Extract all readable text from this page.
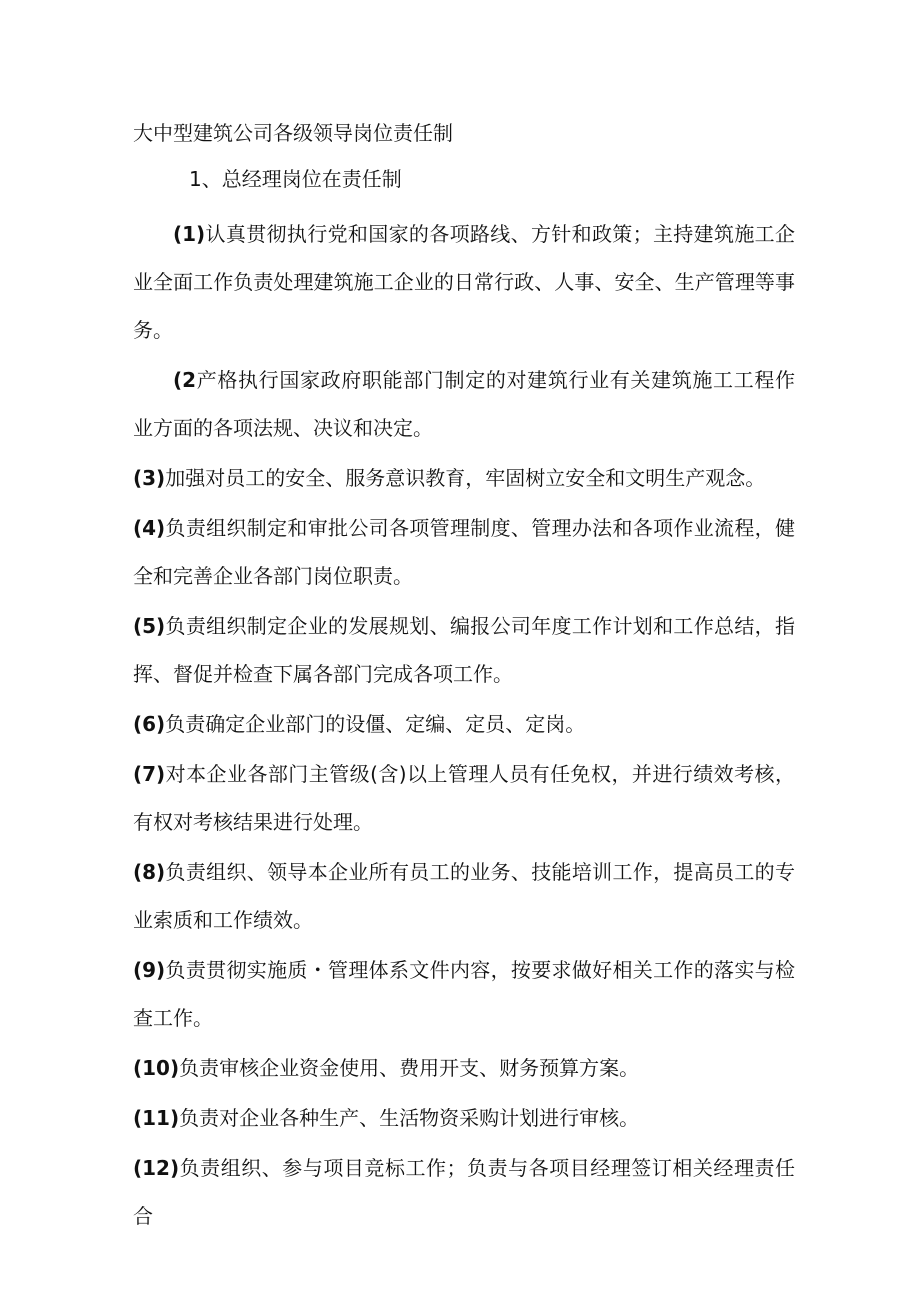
大中型建筑公司各级领导岗位责任制
1、总经理岗位在责任制
(1)认真贯彻执行党和国家的各项路线、方针和政策；主持建筑施工企业全面工作负责处理建筑施工企业的日常行政、人事、安全、生产管理等事务。
(2产格执行国家政府职能部门制定的对建筑行业有关建筑施工工程作业方面的各项法规、决议和决定。
(3)加强对员工的安全、服务意识教育，牢固树立安全和文明生产观念。
(4)负责组织制定和审批公司各项管理制度、管理办法和各项作业流程，健全和完善企业各部门岗位职责。
(5)负责组织制定企业的发展规划、编报公司年度工作计划和工作总结，指挥、督促并检查下属各部门完成各项工作。
(6)负责确定企业部门的设僵、定编、定员、定岗。
(7)对本企业各部门主管级(含)以上管理人员有任免权，并进行绩效考核，有权对考核结果进行处理。
(8)负责组织、领导本企业所有员工的业务、技能培训工作，提高员工的专业索质和工作绩效。
(9)负责贯彻实施质・管理体系文件内容，按要求做好相关工作的落实与检查工作。
(10)负责审核企业资金使用、费用开支、财务预算方案。
(11)负责对企业各种生产、生活物资采购计划进行审核。
(12)负责组织、参与项目竞标工作；负责与各项目经理签订相关经理责任合
